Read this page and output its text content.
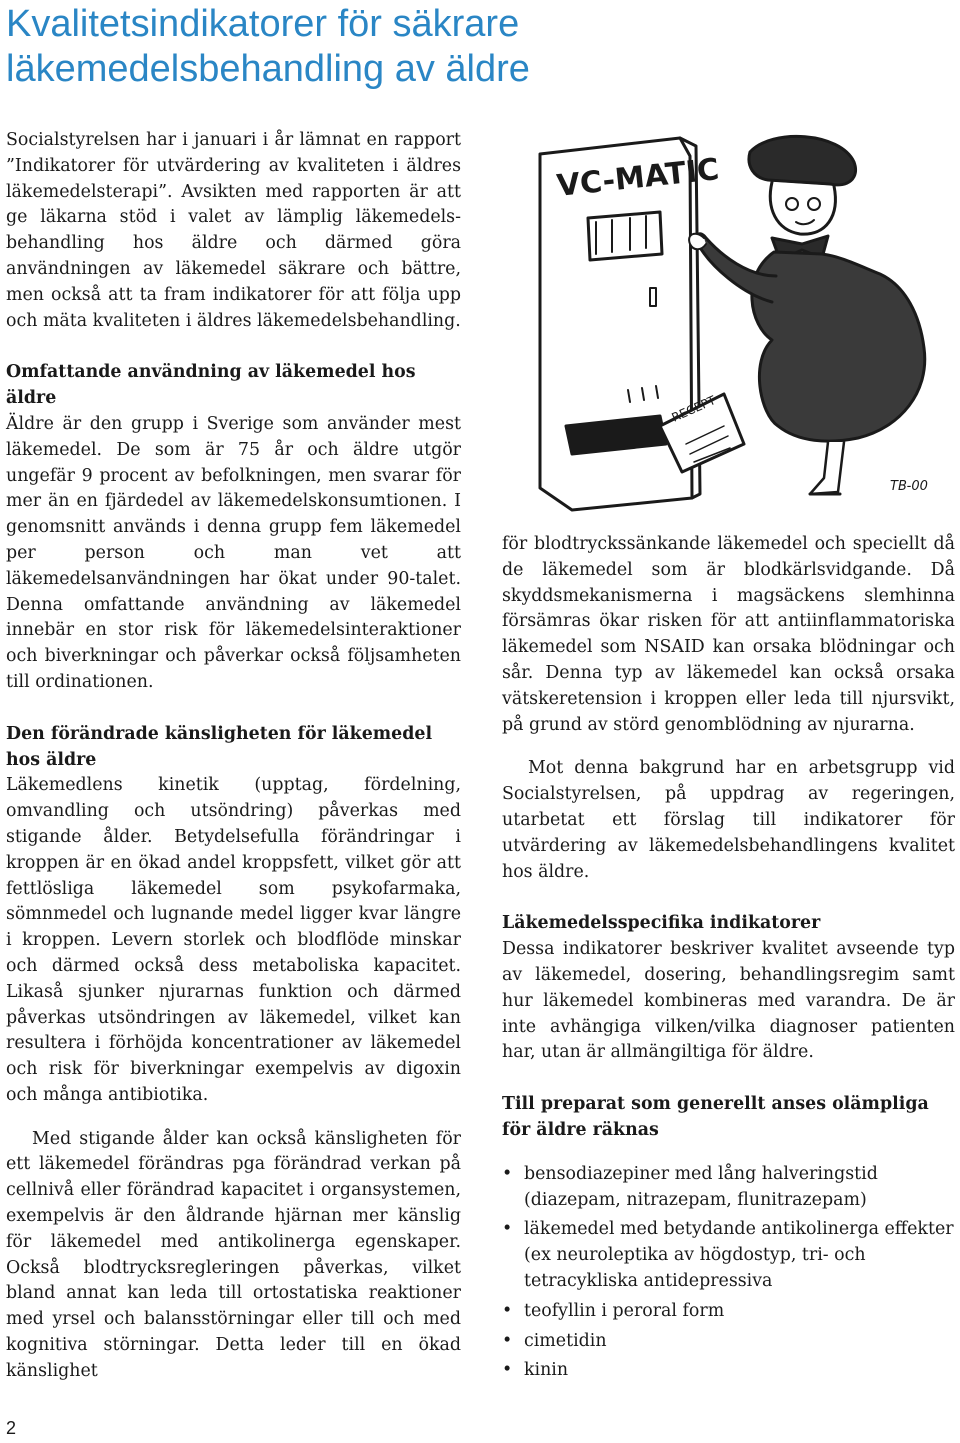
Kvalitetsindikatorer för säkrare
läkemedelsbehandling av äldre

Socialstyrelsen har i januari i år lämnat en rapport ”Indikatorer för utvärdering av kvaliteten i äldres läkemedelsterapi”. Avsikten med rapporten är att ge läkarna stöd i valet av lämplig läkemedels-behandling hos äldre och därmed göra användningen av läkemedel säkrare och bättre, men också att ta fram indikatorer för att följa upp och mäta kvaliteten i äldres läkemedelsbehandling.

Omfattande användning av läkemedel hos äldre

Äldre är den grupp i Sverige som använder mest läkemedel. De som är 75 år och äldre utgör ungefär 9 procent av befolkningen, men svarar för mer än en fjärdedel av läkemedelskonsumtionen. I genomsnitt används i denna grupp fem läkemedel per person och man vet att läkemedelsanvändningen har ökat under 90-talet. Denna omfattande användning av läkemedel innebär en stor risk för läkemedelsinteraktioner och biverkningar och påverkar också följsamheten till ordinationen.

Den förändrade känsligheten för läkemedel hos äldre

Läkemedlens kinetik (upptag, fördelning, omvandling och utsöndring) påverkas med stigande ålder. Betydelsefulla förändringar i kroppen är en ökad andel kroppsfett, vilket gör att fettlösliga läkemedel som psykofarmaka, sömnmedel och lugnande medel ligger kvar längre i kroppen. Levern storlek och blodflöde minskar och därmed också dess metaboliska kapacitet. Likaså sjunker njurarnas funktion och därmed påverkas utsöndringen av läkemedel, vilket kan resultera i förhöjda koncentrationer av läkemedel och risk för biverkningar exempelvis av digoxin och många antibiotika.

Med stigande ålder kan också känsligheten för ett läkemedel förändras pga förändrad verkan på cellnivå eller förändrad kapacitet i organsystemen, exempelvis är den åldrande hjärnan mer känslig för läkemedel med antikolinerga egenskaper. Också blodtrycksregleringen påverkas, vilket bland annat kan leda till ortostatiska reaktioner med yrsel och balansstörningar eller till och med kognitiva störningar. Detta leder till en ökad känslighet

VC-MATIC
RECEPT
TB-00

för blodtryckssänkande läkemedel och speciellt då de läkemedel som är blodkärlsvidgande. Då skyddsmekanismerna i magsäckens slemhinna försämras ökar risken för att antiinflammatoriska läkemedel som NSAID kan orsaka blödningar och sår. Denna typ av läkemedel kan också orsaka vätskeretension i kroppen eller leda till njursvikt, på grund av störd genomblödning av njurarna.

Mot denna bakgrund har en arbetsgrupp vid Socialstyrelsen, på uppdrag av regeringen, utarbetat ett förslag till indikatorer för utvärdering av läkemedelsbehandlingens kvalitet hos äldre.

Läkemedelsspecifika indikatorer

Dessa indikatorer beskriver kvalitet avseende typ av läkemedel, dosering, behandlingsregim samt hur läkemedel kombineras med varandra. De är inte avhängiga vilken/vilka diagnoser patienten har, utan är allmängiltiga för äldre.

Till preparat som generellt anses olämpliga för äldre räknas
• bensodiazepiner med lång halveringstid (diazepam, nitrazepam, flunitrazepam)
• läkemedel med betydande antikolinerga effekter (ex neuroleptika av högdostyp, tri- och tetracykliska antidepressiva
• teofyllin i peroral form
• cimetidin
• kinin
2
